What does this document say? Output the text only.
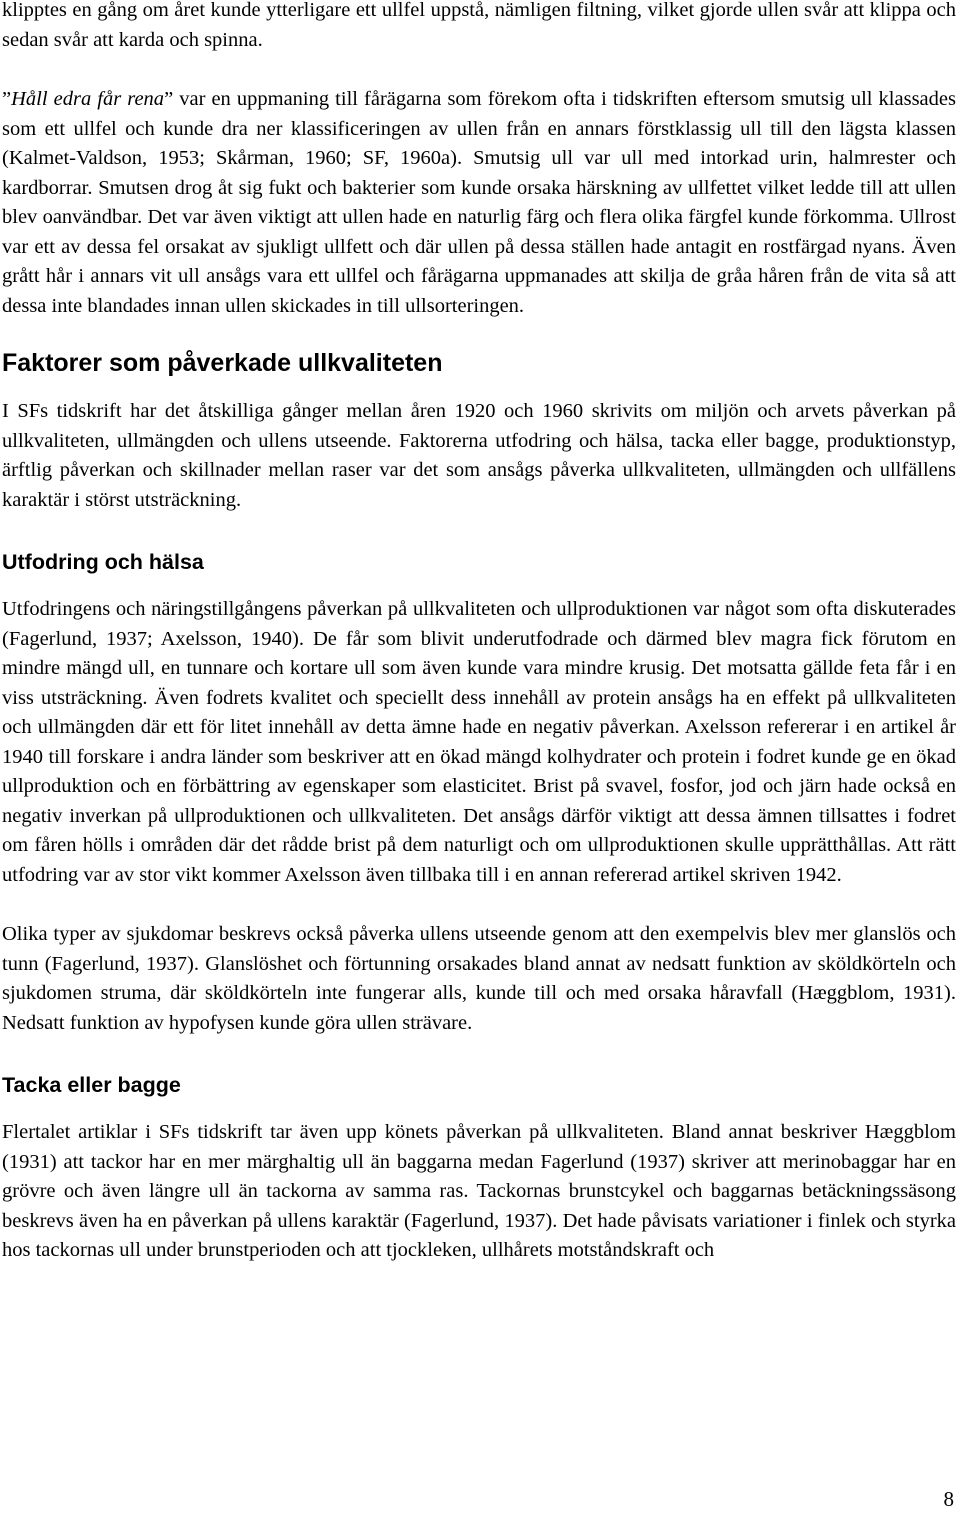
klipptes en gång om året kunde ytterligare ett ullfel uppstå, nämligen filtning, vilket gjorde ullen svår att klippa och sedan svår att karda och spinna.

”Håll edra får rena” var en uppmaning till fårägarna som förekom ofta i tidskriften eftersom smutsig ull klassades som ett ullfel och kunde dra ner klassificeringen av ullen från en annars förstklassig ull till den lägsta klassen (Kalmet-Valdson, 1953; Skårman, 1960; SF, 1960a). Smutsig ull var ull med intorkad urin, halmrester och kardborrar. Smutsen drog åt sig fukt och bakterier som kunde orsaka härskning av ullfettet vilket ledde till att ullen blev oanvändbar. Det var även viktigt att ullen hade en naturlig färg och flera olika färgfel kunde förkomma. Ullrost var ett av dessa fel orsakat av sjukligt ullfett och där ullen på dessa ställen hade antagit en rostfärgad nyans. Även grått hår i annars vit ull ansågs vara ett ullfel och fårägarna uppmanades att skilja de gråa håren från de vita så att dessa inte blandades innan ullen skickades in till ullsorteringen.

Faktorer som påverkade ullkvaliteten

I SFs tidskrift har det åtskilliga gånger mellan åren 1920 och 1960 skrivits om miljön och arvets påverkan på ullkvaliteten, ullmängden och ullens utseende. Faktorerna utfodring och hälsa, tacka eller bagge, produktionstyp, ärftlig påverkan och skillnader mellan raser var det som ansågs påverka ullkvaliteten, ullmängden och ullfällens karaktär i störst utsträckning.

Utfodring och hälsa

Utfodringens och näringstillgångens påverkan på ullkvaliteten och ullproduktionen var något som ofta diskuterades (Fagerlund, 1937; Axelsson, 1940). De får som blivit underutfodrade och därmed blev magra fick förutom en mindre mängd ull, en tunnare och kortare ull som även kunde vara mindre krusig. Det motsatta gällde feta får i en viss utsträckning. Även fodrets kvalitet och speciellt dess innehåll av protein ansågs ha en effekt på ullkvaliteten och ullmängden där ett för litet innehåll av detta ämne hade en negativ påverkan. Axelsson refererar i en artikel år 1940 till forskare i andra länder som beskriver att en ökad mängd kolhydrater och protein i fodret kunde ge en ökad ullproduktion och en förbättring av egenskaper som elasticitet. Brist på svavel, fosfor, jod och järn hade också en negativ inverkan på ullproduktionen och ullkvaliteten. Det ansågs därför viktigt att dessa ämnen tillsattes i fodret om fåren hölls i områden där det rådde brist på dem naturligt och om ullproduktionen skulle upprätthållas. Att rätt utfodring var av stor vikt kommer Axelsson även tillbaka till i en annan refererad artikel skriven 1942.

Olika typer av sjukdomar beskrevs också påverka ullens utseende genom att den exempelvis blev mer glanslös och tunn (Fagerlund, 1937). Glanslöshet och förtunning orsakades bland annat av nedsatt funktion av sköldkörteln och sjukdomen struma, där sköldkörteln inte fungerar alls, kunde till och med orsaka håravfall (Hæggblom, 1931). Nedsatt funktion av hypofysen kunde göra ullen strävare.

Tacka eller bagge

Flertalet artiklar i SFs tidskrift tar även upp könets påverkan på ullkvaliteten. Bland annat beskriver Hæggblom (1931) att tackor har en mer märghaltig ull än baggarna medan Fagerlund (1937) skriver att merinobaggar har en grövre och även längre ull än tackorna av samma ras. Tackornas brunstcykel och baggarnas betäckningssäsong beskrevs även ha en påverkan på ullens karaktär (Fagerlund, 1937). Det hade påvisats variationer i finlek och styrka hos tackornas ull under brunstperioden och att tjockleken, ullhårets motståndskraft och

8
